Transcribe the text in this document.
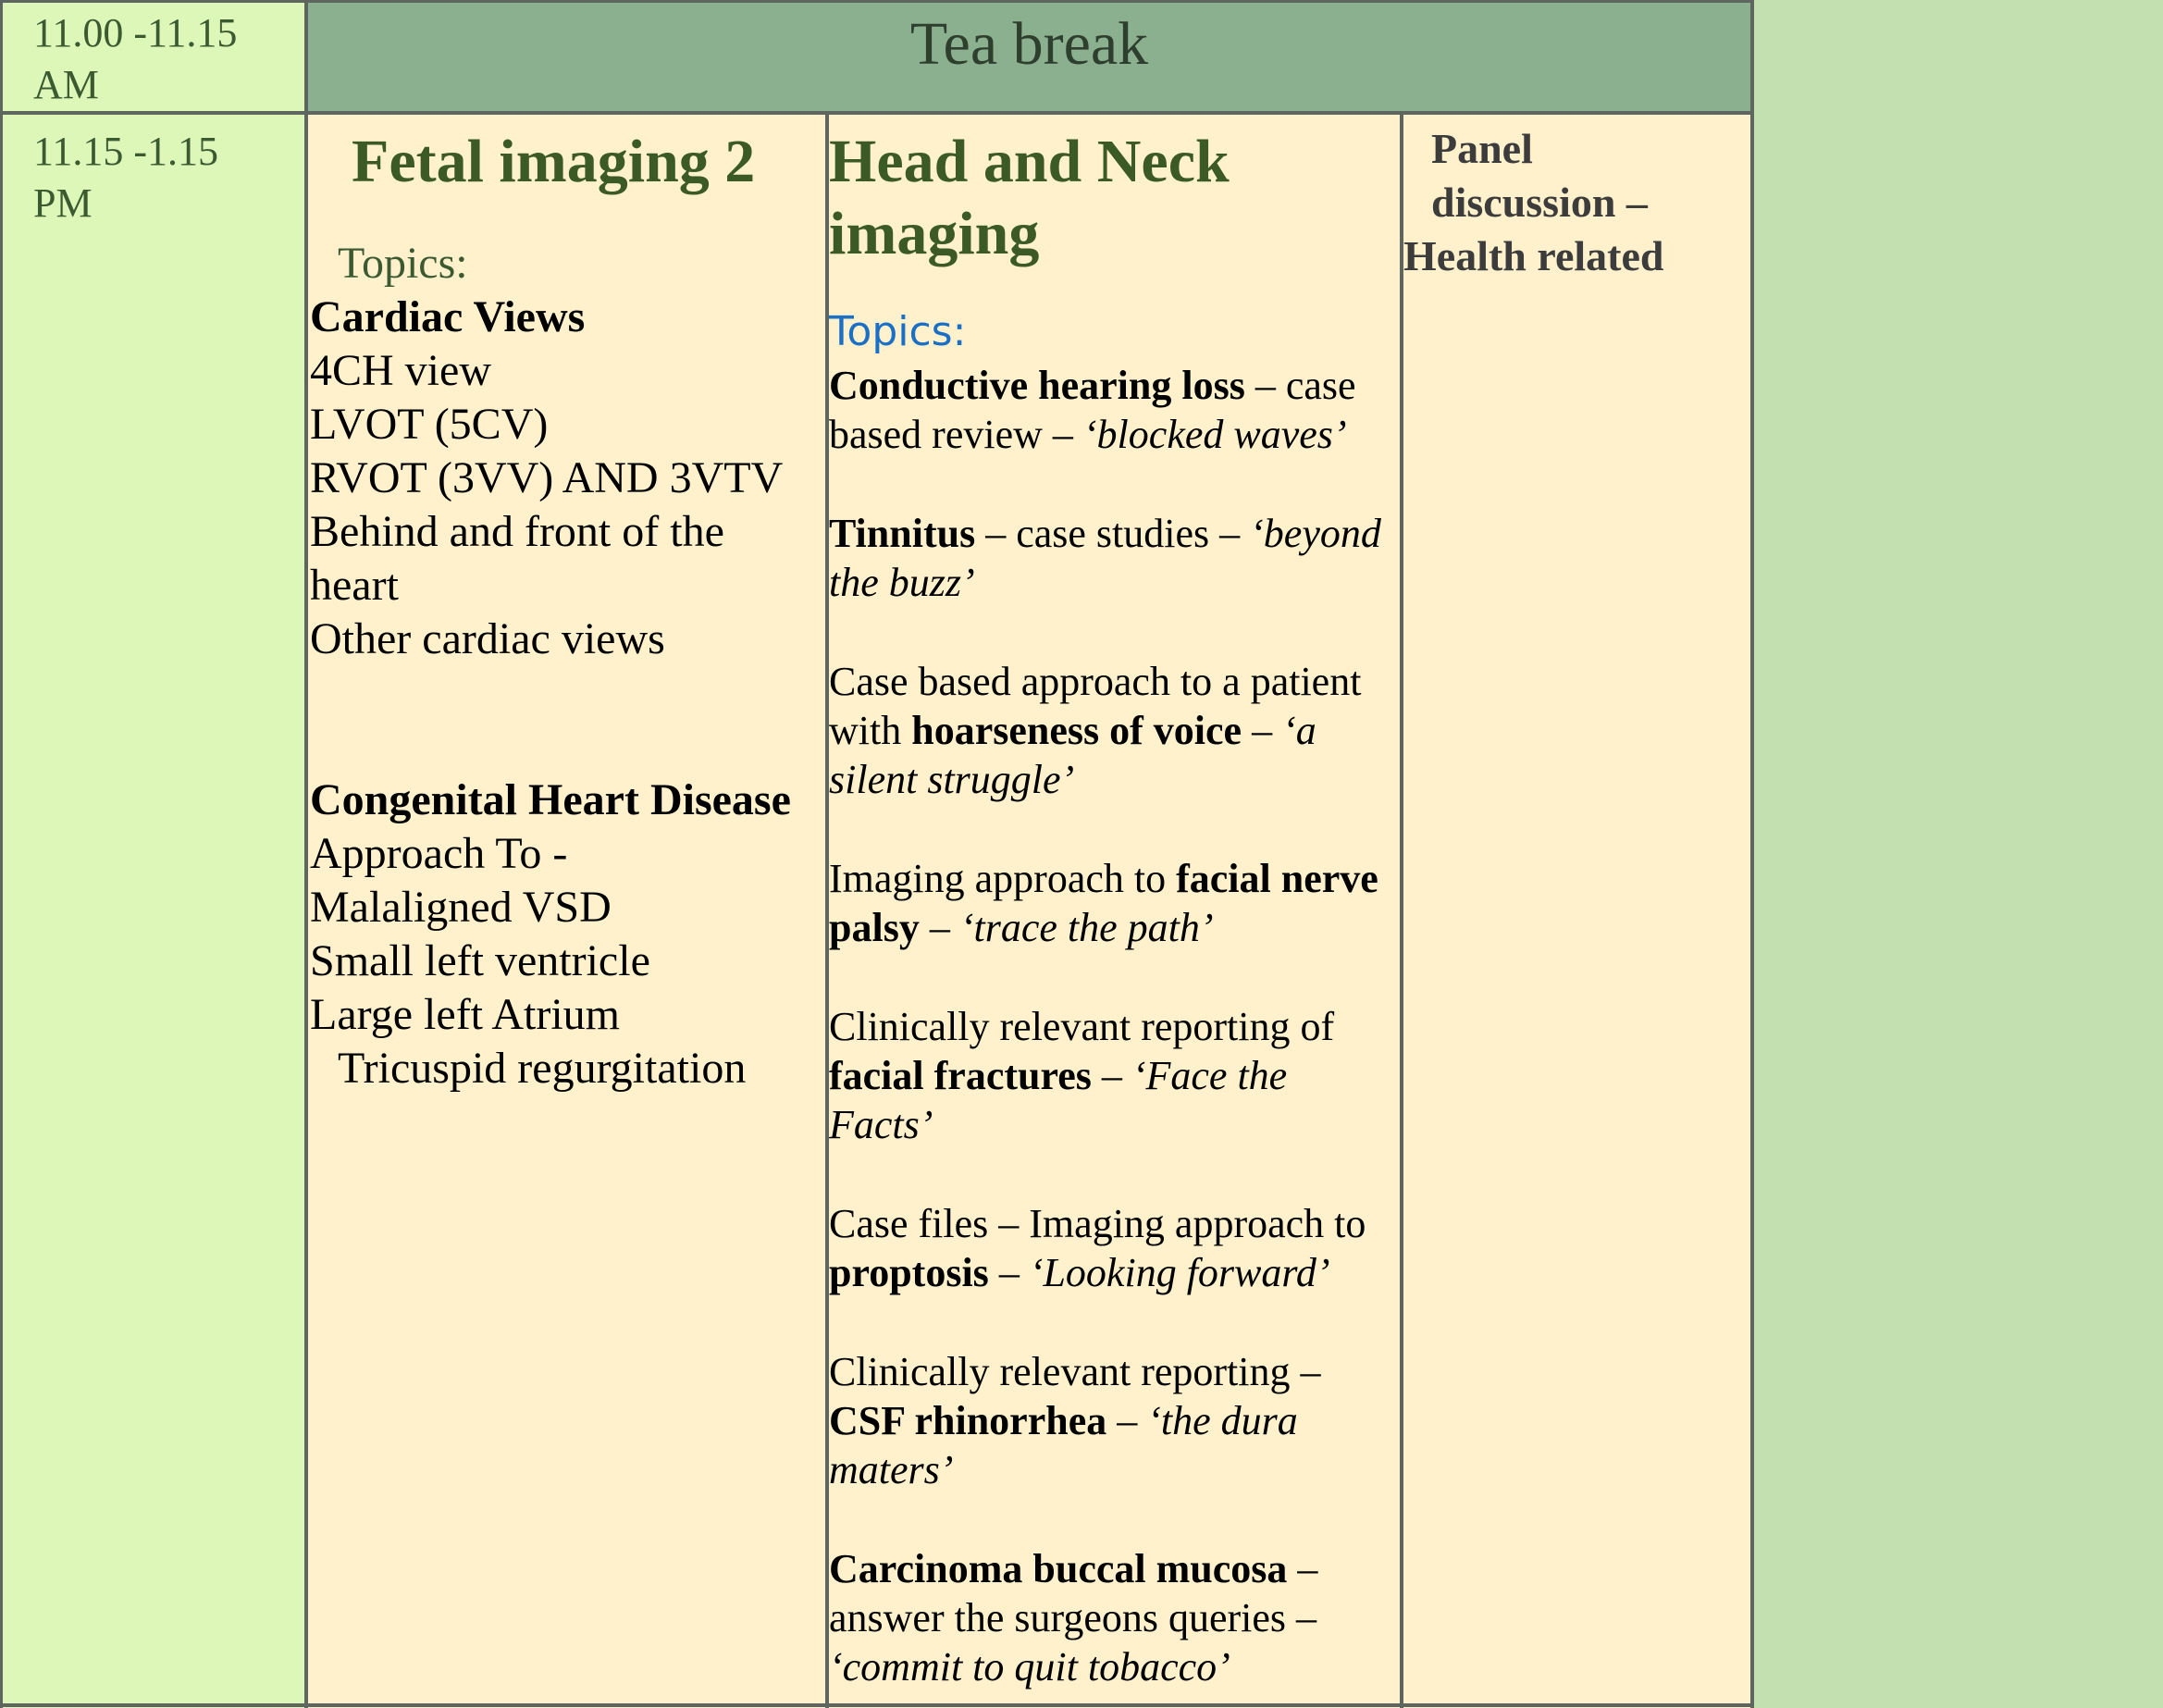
11.00 -11.15
AM
Tea break
11.15 -1.15
PM
Fetal imaging 2
Topics:
Cardiac Views
4CH view
LVOT (5CV)
RVOT (3VV) AND 3VTV
Behind and front of the
heart
Other cardiac views
Congenital Heart Disease
Approach To -
Malaligned VSD
Small left ventricle
Large left Atrium
Tricuspid regurgitation
Head and Neck
imaging
Topics:

Conductive hearing loss – case based review – ‘blocked waves’

Tinnitus – case studies – ‘beyond the buzz’

Case based approach to a patient with hoarseness of voice – ‘a silent struggle’

Imaging approach to facial nerve palsy – ‘trace the path’

Clinically relevant reporting of facial fractures – ‘Face the Facts’

Case files – Imaging approach to proptosis – ‘Looking forward’

Clinically relevant reporting – CSF rhinorrhea – ‘the dura maters’

Carcinoma buccal mucosa – answer the surgeons queries – ‘commit to quit tobacco’

Panel
discussion –
Health related
